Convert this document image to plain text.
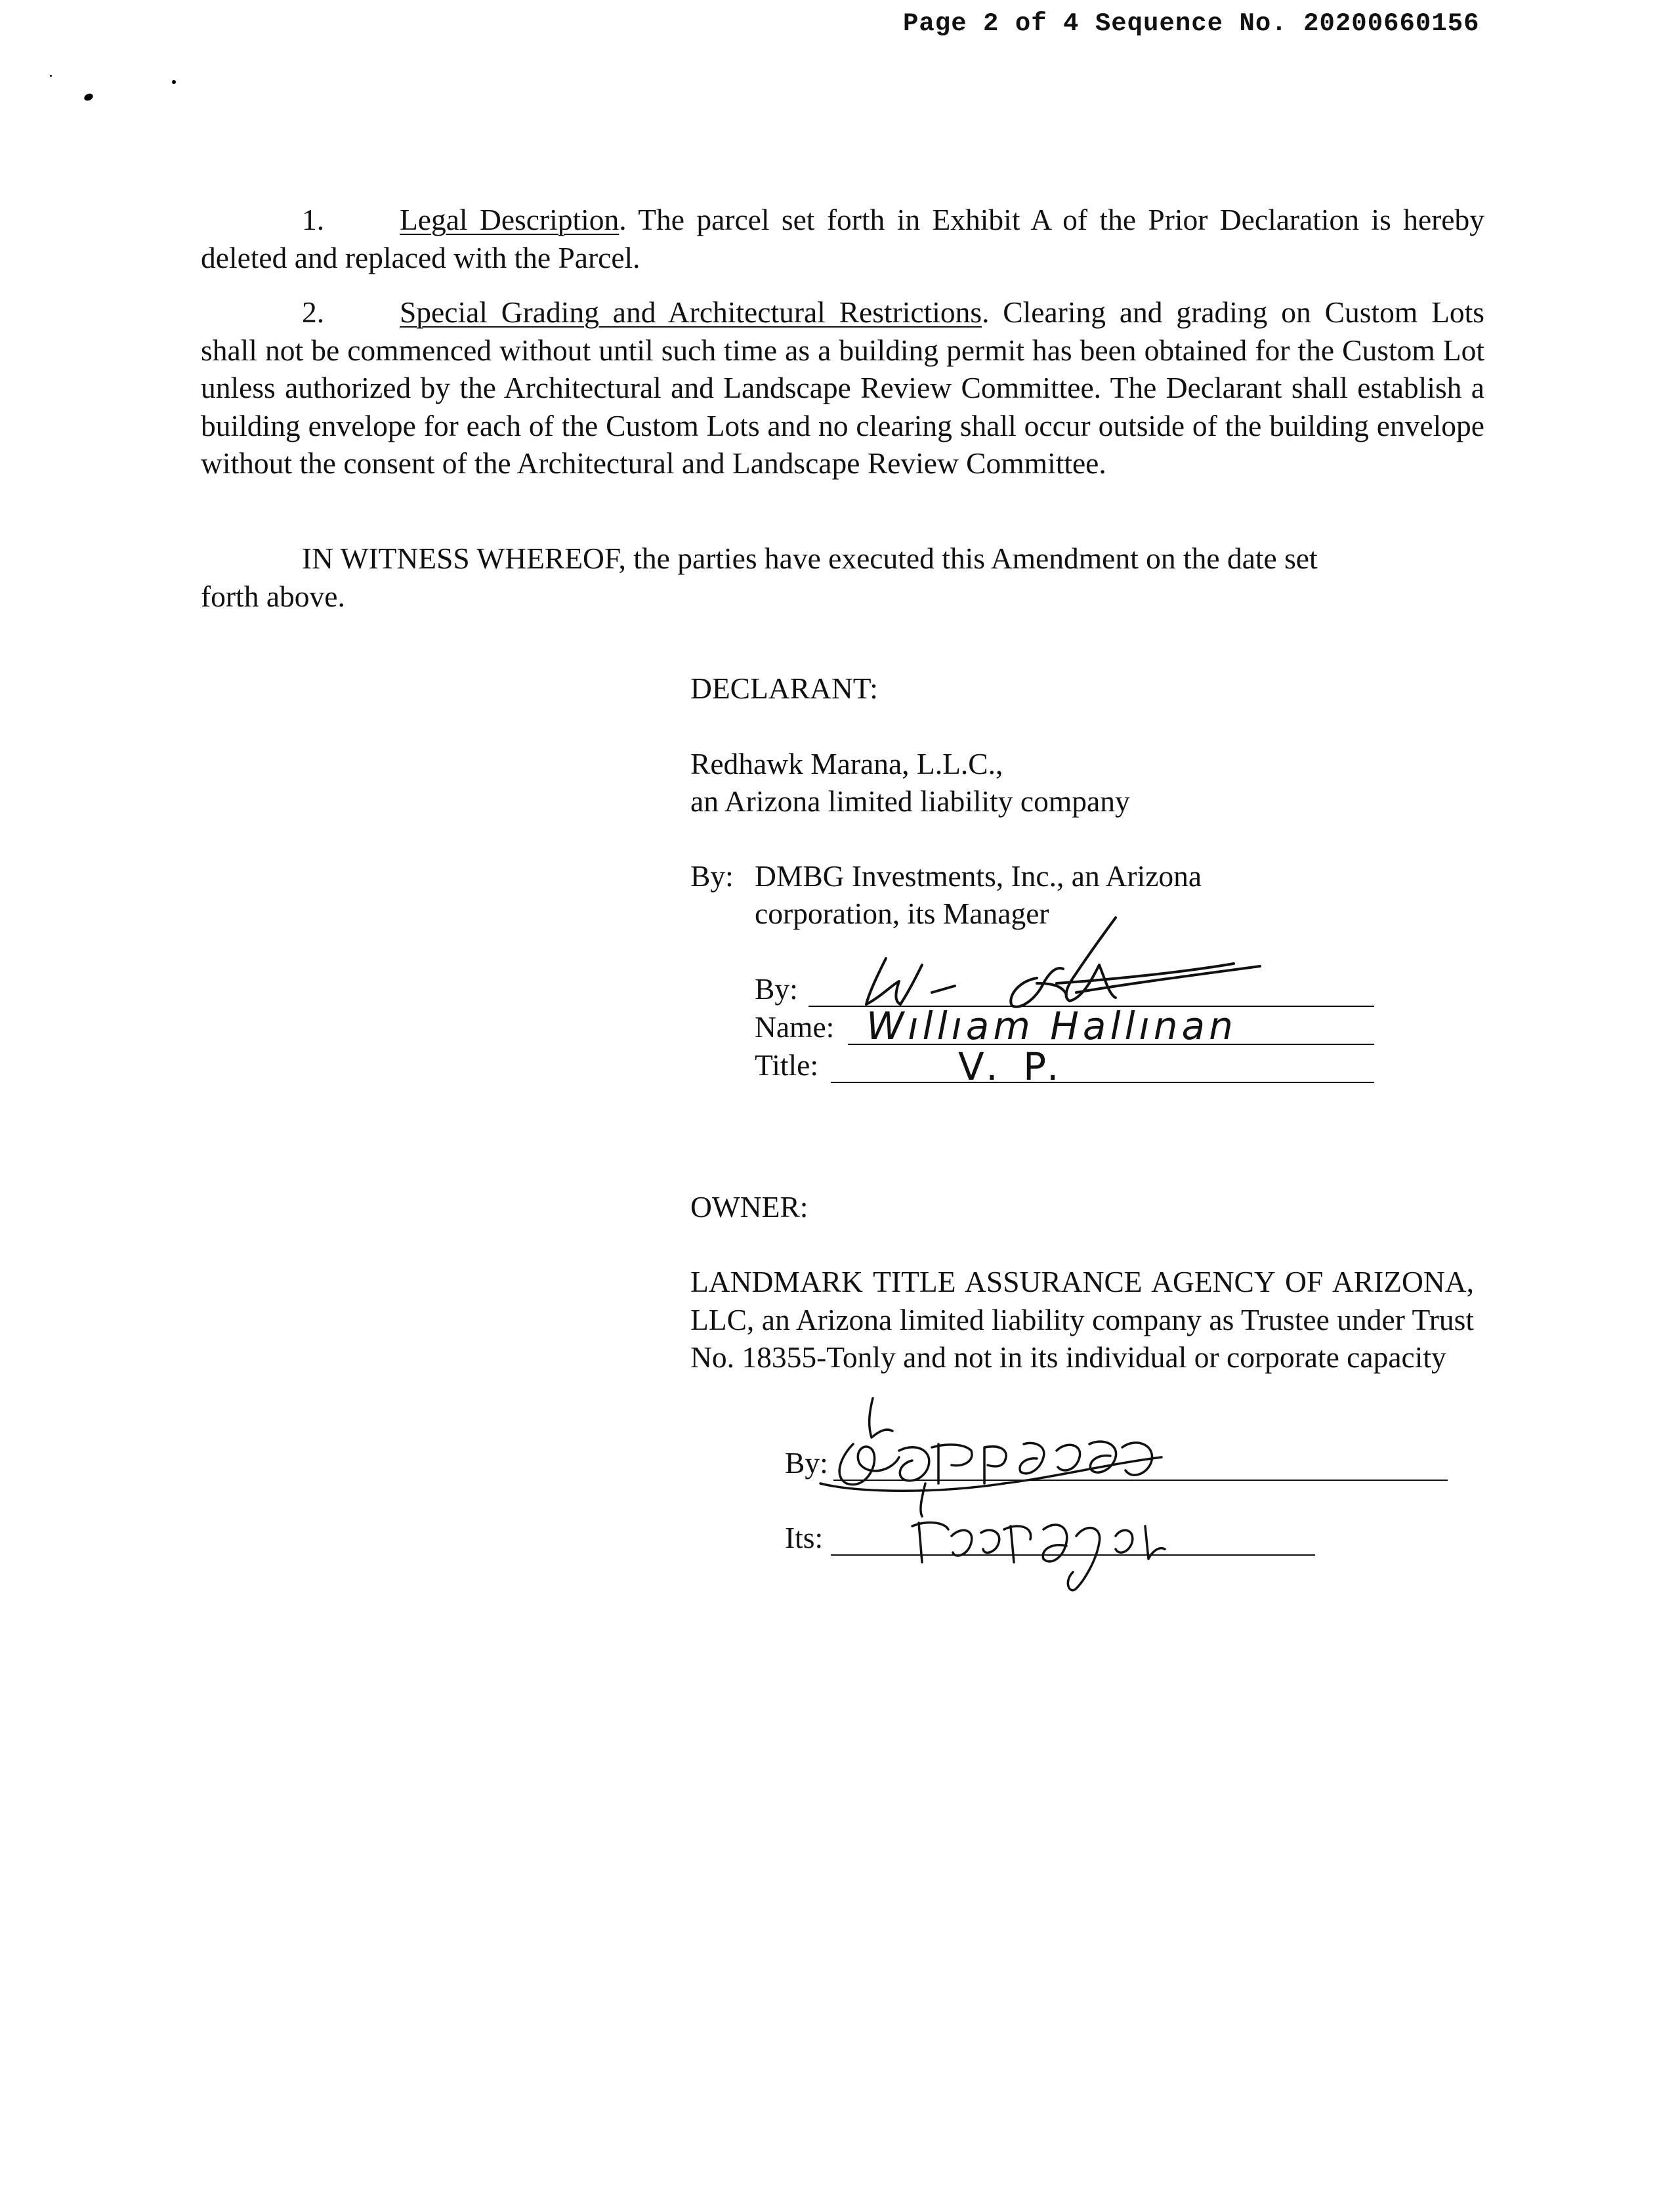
Page 2 of 4 Sequence No. 20200660156
1.	Legal Description. The parcel set forth in Exhibit A of the Prior Declaration is hereby deleted and replaced with the Parcel.
2.	Special Grading and Architectural Restrictions. Clearing and grading on Custom Lots shall not be commenced without until such time as a building permit has been obtained for the Custom Lot unless authorized by the Architectural and Landscape Review Committee. The Declarant shall establish a building envelope for each of the Custom Lots and no clearing shall occur outside of the building envelope without the consent of the Architectural and Landscape Review Committee.
IN WITNESS WHEREOF, the parties have executed this Amendment on the date set
forth above.
DECLARANT:
Redhawk Marana, L.L.C.,
an Arizona limited liability company
By: DMBG Investments, Inc., an Arizona
corporation, its Manager
By:
Name:
Title:
Wıllıam Hallınan
V. P.
OWNER:
LANDMARK TITLE ASSURANCE AGENCY OF ARIZONA, LLC, an Arizona limited liability company as Trustee under Trust No. 18355-Tonly and not in its individual or corporate capacity
By:
Its:
